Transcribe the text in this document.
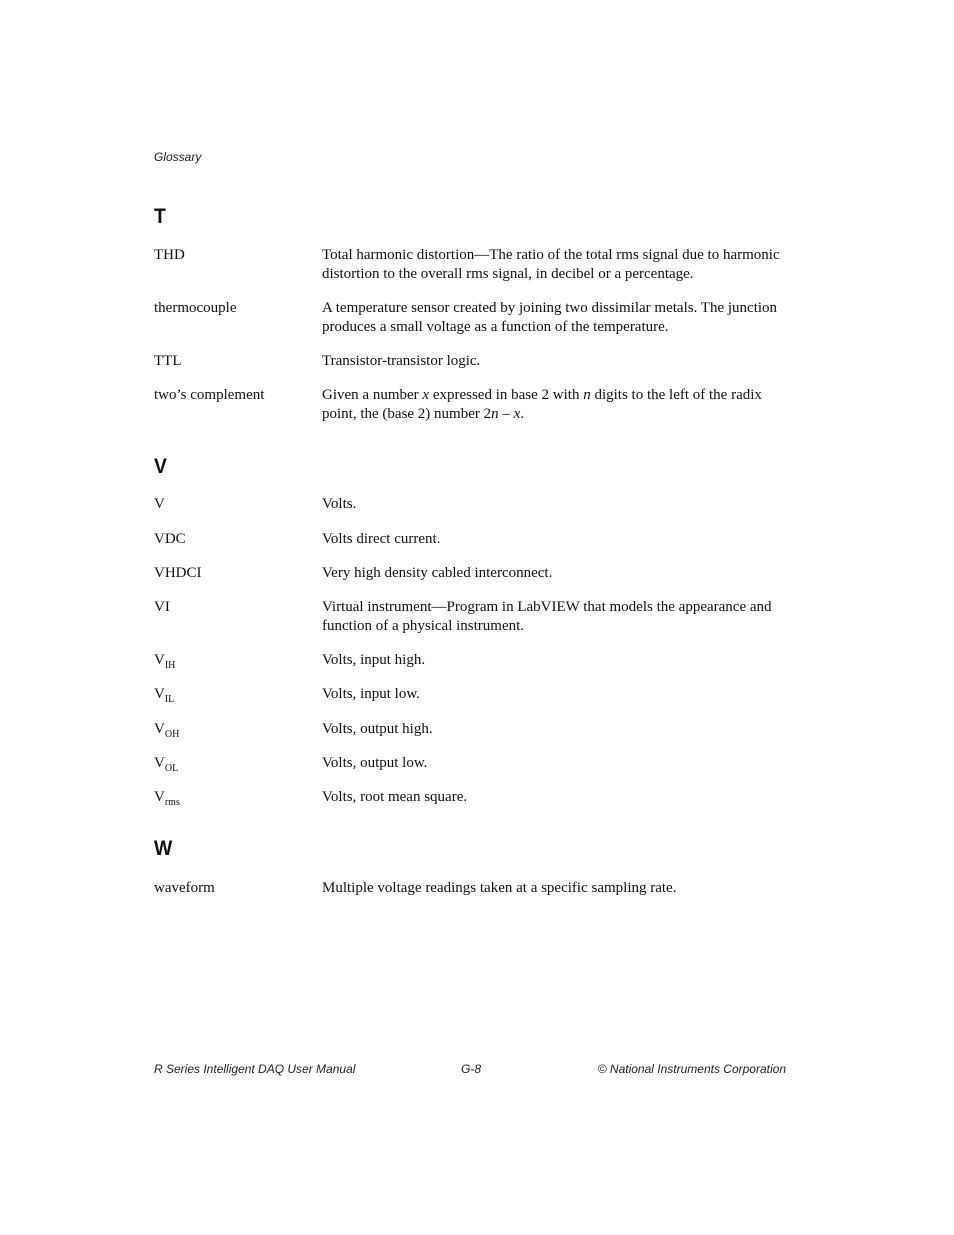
Glossary
T
THD	Total harmonic distortion—The ratio of the total rms signal due to harmonic distortion to the overall rms signal, in decibel or a percentage.
thermocouple	A temperature sensor created by joining two dissimilar metals. The junction produces a small voltage as a function of the temperature.
TTL	Transistor-transistor logic.
two’s complement	Given a number x expressed in base 2 with n digits to the left of the radix point, the (base 2) number 2n – x.
V
V	Volts.
VDC	Volts direct current.
VHDCI	Very high density cabled interconnect.
VI	Virtual instrument—Program in LabVIEW that models the appearance and function of a physical instrument.
$V_{IH}$	Volts, input high.
$V_{IL}$	Volts, input low.
$V_{OH}$	Volts, output high.
$V_{OL}$	Volts, output low.
$V_{rms}$	Volts, root mean square.
W
waveform	Multiple voltage readings taken at a specific sampling rate.
R Series Intelligent DAQ User Manual	G-8	© National Instruments Corporation
